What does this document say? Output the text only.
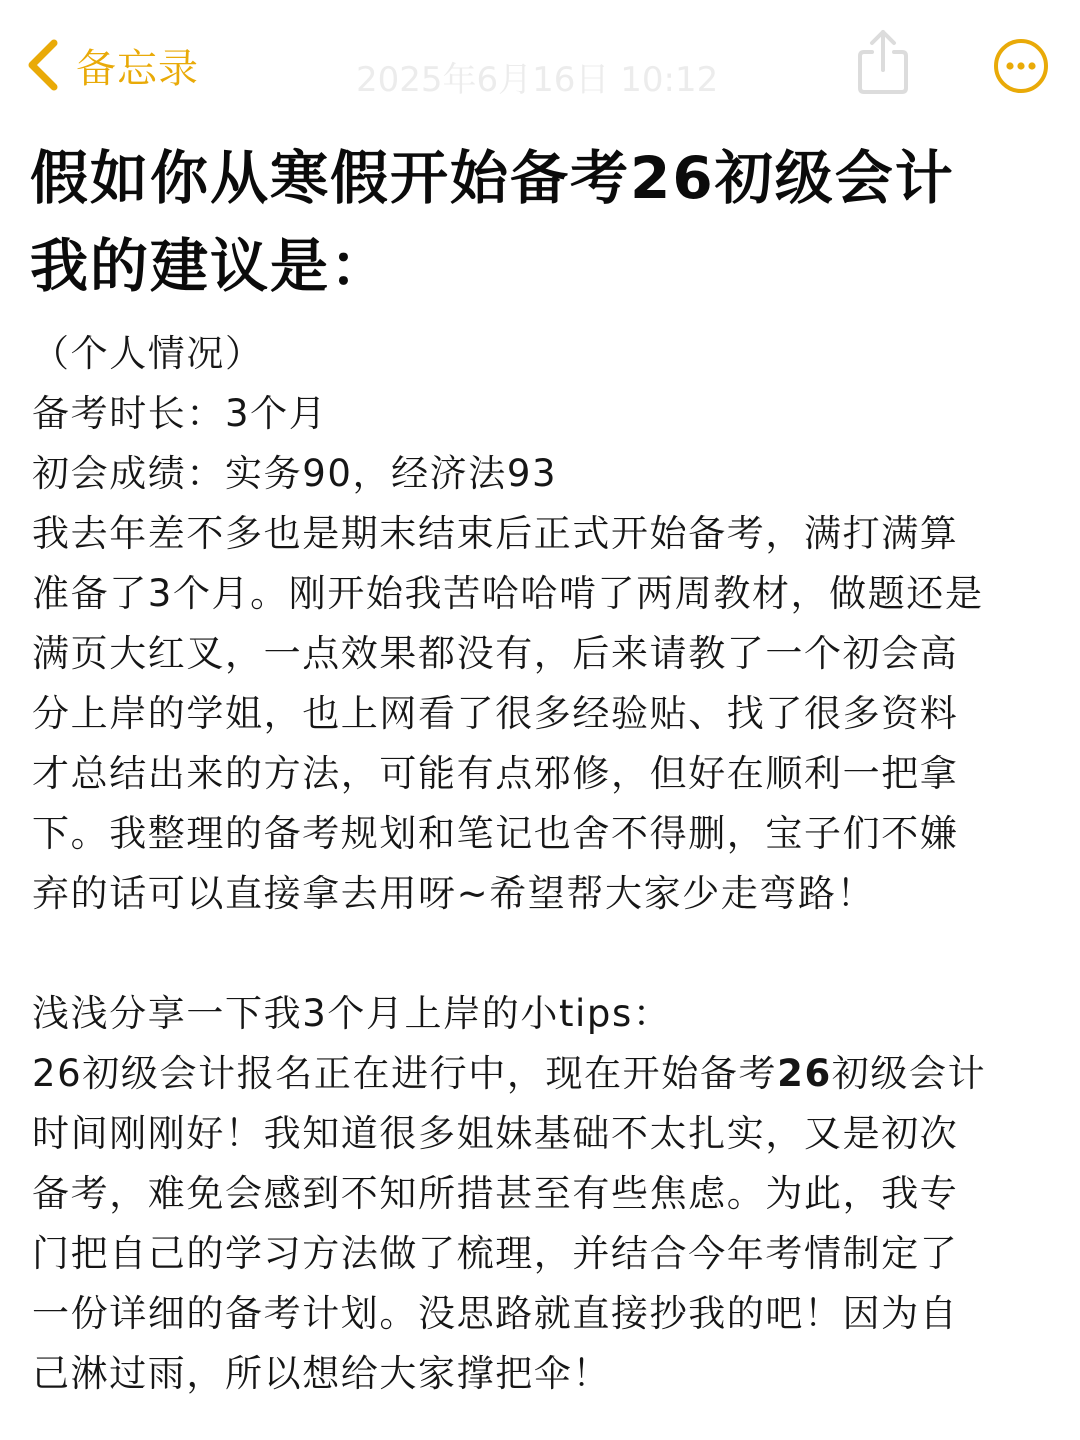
备忘录	2025年6月16日 10:12
假如你从寒假开始备考26初级会计
我的建议是：
（个人情况）
备考时长：3个月
初会成绩：实务90，经济法93
我去年差不多也是期末结束后正式开始备考，满打满算
准备了3个月。刚开始我苦哈哈啃了两周教材，做题还是
满页大红叉，一点效果都没有，后来请教了一个初会高
分上岸的学姐，也上网看了很多经验贴、找了很多资料
才总结出来的方法，可能有点邪修，但好在顺利一把拿
下。我整理的备考规划和笔记也舍不得删，宝子们不嫌
弃的话可以直接拿去用呀~希望帮大家少走弯路！
浅浅分享一下我3个月上岸的小tips：
26初级会计报名正在进行中，现在开始备考26初级会计
时间刚刚好！我知道很多姐妹基础不太扎实，又是初次
备考，难免会感到不知所措甚至有些焦虑。为此，我专
门把自己的学习方法做了梳理，并结合今年考情制定了
一份详细的备考计划。没思路就直接抄我的吧！因为自
己淋过雨，所以想给大家撑把伞！
